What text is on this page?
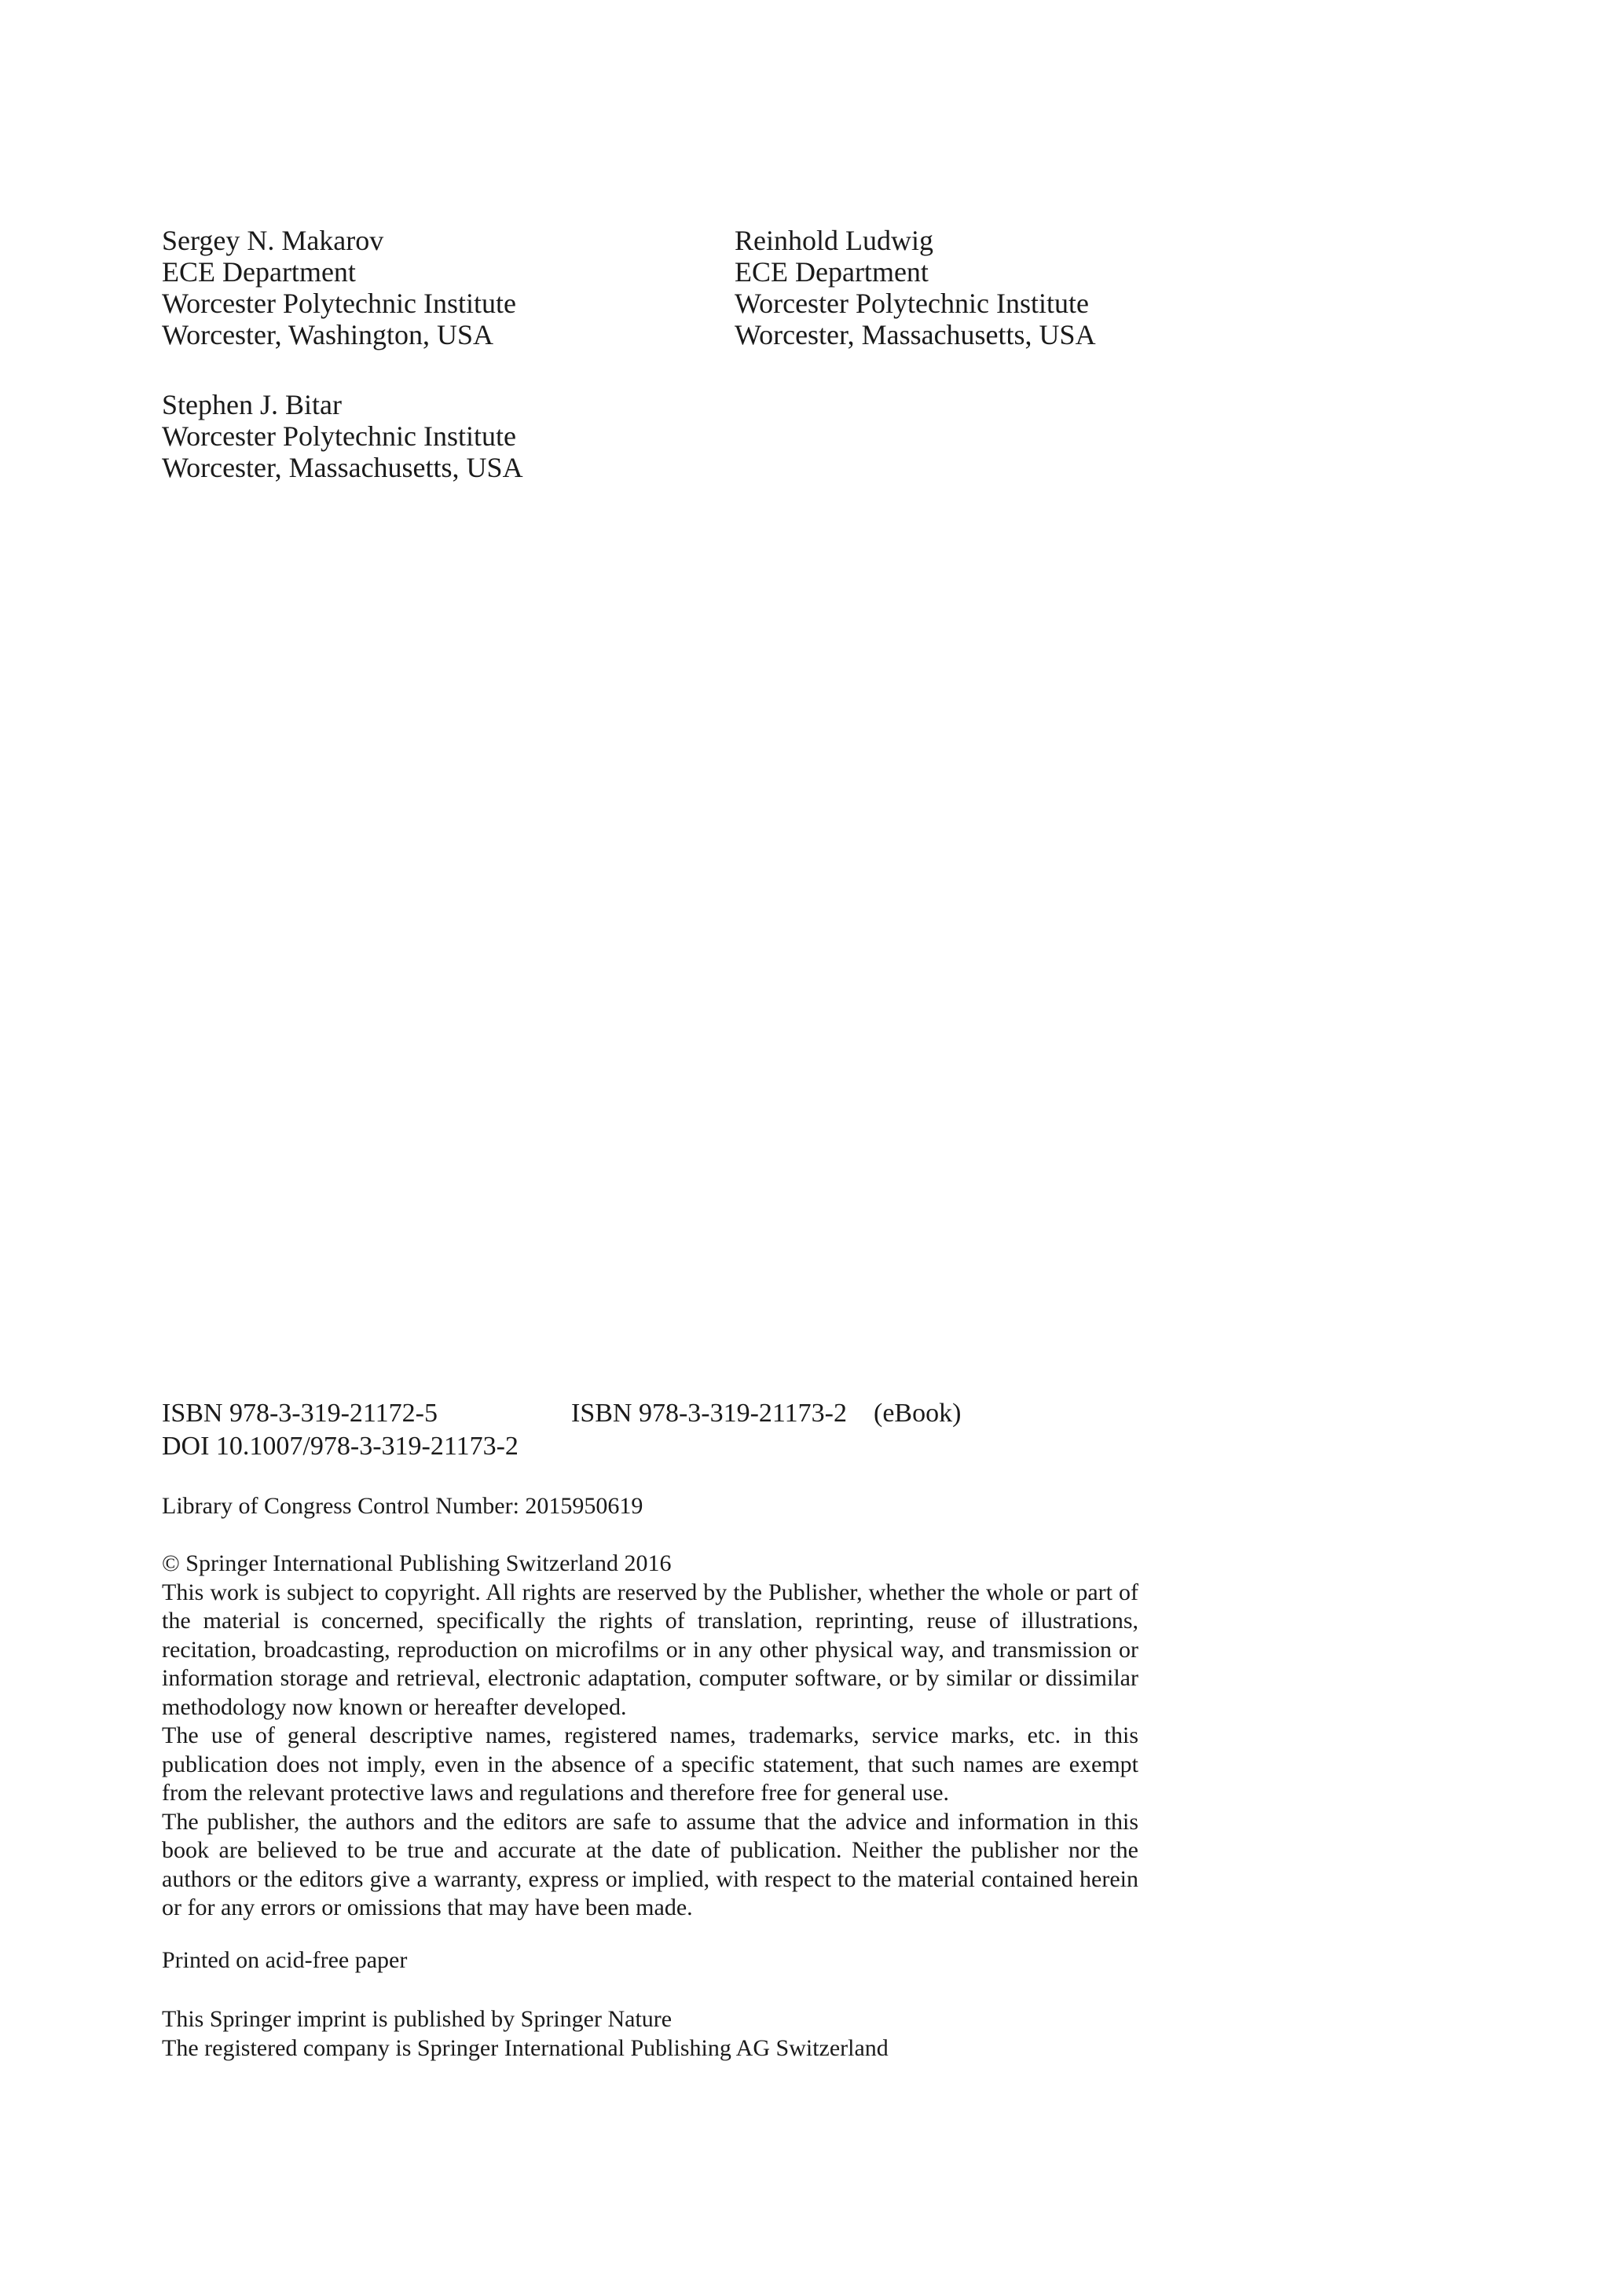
Sergey N. Makarov
ECE Department
Worcester Polytechnic Institute
Worcester, Washington, USA
Reinhold Ludwig
ECE Department
Worcester Polytechnic Institute
Worcester, Massachusetts, USA
Stephen J. Bitar
Worcester Polytechnic Institute
Worcester, Massachusetts, USA
ISBN 978-3-319-21172-5	ISBN 978-3-319-21173-2 (eBook)
DOI 10.1007/978-3-319-21173-2
Library of Congress Control Number: 2015950619

© Springer International Publishing Switzerland 2016

This work is subject to copyright. All rights are reserved by the Publisher, whether the whole or part of the material is concerned, specifically the rights of translation, reprinting, reuse of illustrations, recitation, broadcasting, reproduction on microfilms or in any other physical way, and transmission or information storage and retrieval, electronic adaptation, computer software, or by similar or dissimilar methodology now known or hereafter developed.

The use of general descriptive names, registered names, trademarks, service marks, etc. in this publication does not imply, even in the absence of a specific statement, that such names are exempt from the relevant protective laws and regulations and therefore free for general use.

The publisher, the authors and the editors are safe to assume that the advice and information in this book are believed to be true and accurate at the date of publication. Neither the publisher nor the authors or the editors give a warranty, express or implied, with respect to the material contained herein or for any errors or omissions that may have been made.

Printed on acid-free paper
This Springer imprint is published by Springer Nature
The registered company is Springer International Publishing AG Switzerland
